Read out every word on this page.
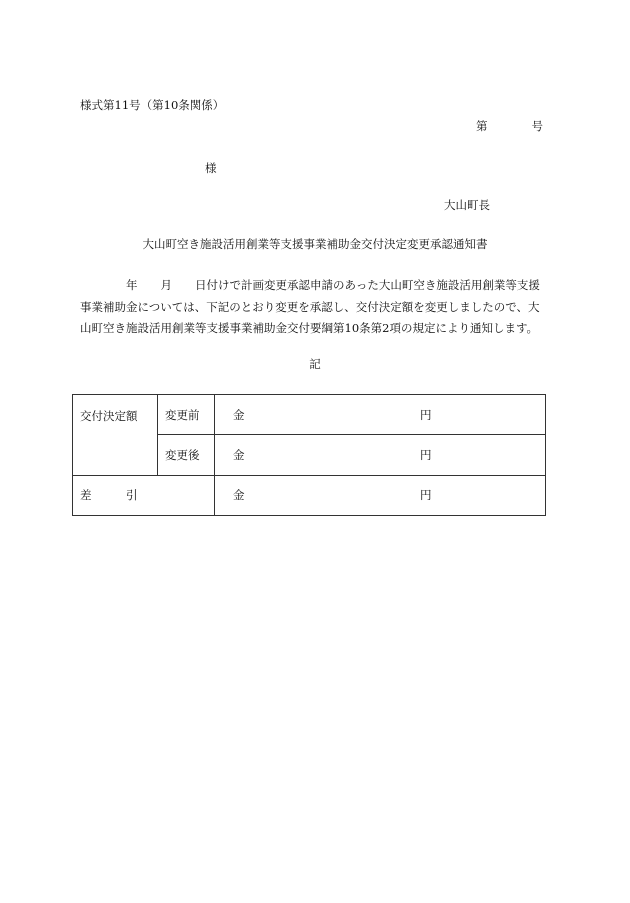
様式第11号（第10条関係）
第	号
様
大山町長
大山町空き施設活用創業等支援事業補助金交付決定変更承認通知書
　　　　年　　月　　日付けで計画変更承認申請のあった大山町空き施設活用創業等支援
事業補助金については、下記のとおり変更を承認し、交付決定額を変更しましたので、大
山町空き施設活用創業等支援事業補助金交付要綱第10条第2項の規定により通知します。
記
交付決定額	変更前	金 円

	変更後	金 円

差　　　引		金 円
